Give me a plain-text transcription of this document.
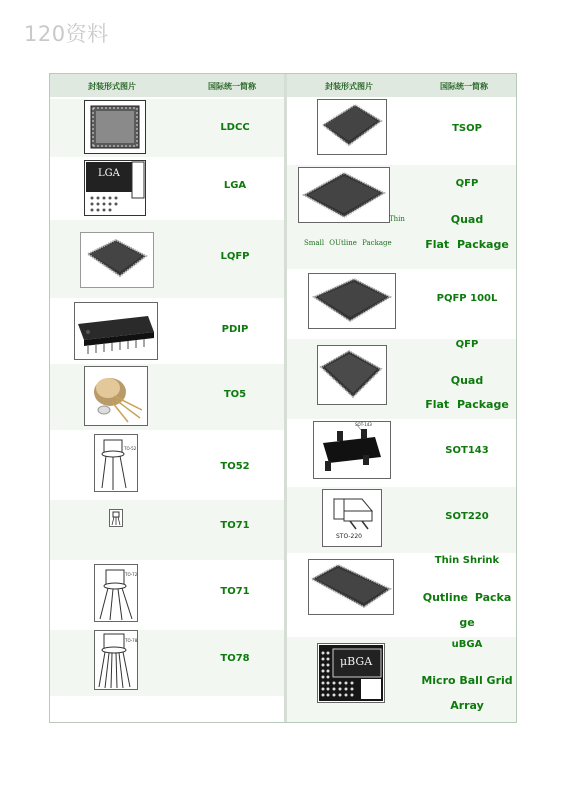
120资料
封装形式图片	国际统一简称
LDCC
LGA
LGA
LQFP
PDIP
TO5
TO-52
TO52
TO71
TO-72
TO71
TO-78
TO78
封装形式图片	国际统一简称
TSOP
Thin
Small OUtline Package
QFP
Quad
Flat Package
PQFP 100L
QFP
Quad
Flat Package
SOT-143
SOT143
STO-220
SOT220
Thin Shrink
Qutline Packa
ge
μBGA
uBGA
Micro Ball Grid
Array
